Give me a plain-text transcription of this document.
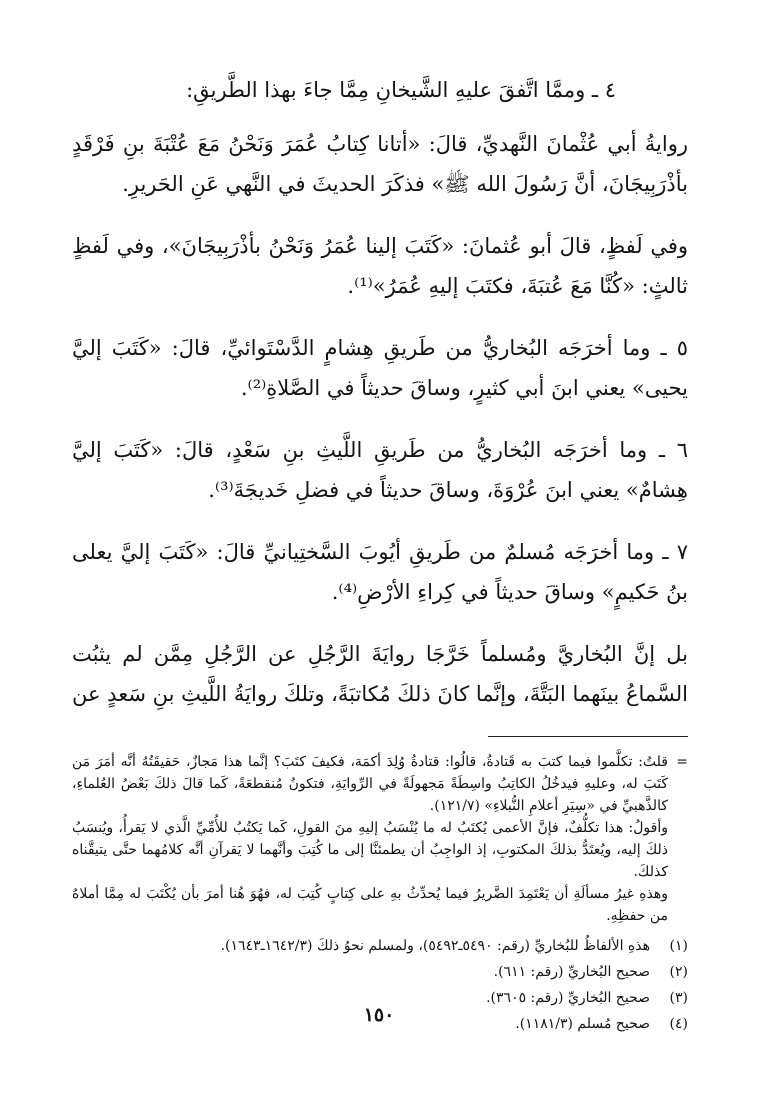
٤ ـ وممَّا اتَّفقَ عليهِ الشَّيخانِ مِمَّا جاءَ بهذا الطَّريقِ:

روايةُ أبي عُثْمانَ النَّهديِّ، قالَ: «أتانا كِتابُ عُمَرَ وَنَحْنُ مَعَ عُتْبَةَ بنِ فَرْقَدٍ بأذْرَبِيجَانَ، أنَّ رَسُولَ الله ﷺ» فذكَرَ الحديثَ في النَّهي عَنِ الحَريرِ.

وفي لَفظٍ، قالَ أبو عُثمانَ: «كَتَبَ إلينا عُمَرُ وَنَحْنُ بأذْرَبِيجَانَ»، وفي لَفظٍ ثالثٍ: «كُنَّا مَعَ عُتبَةَ، فكتَبَ إليهِ عُمَرُ»⁽¹⁾.

٥ ـ وما أخرَجَه البُخاريُّ من طَريقِ هِشامٍ الدَّسْتَوائيِّ، قالَ: «كَتَبَ إليَّ يحيى» يعني ابنَ أبي كثيرٍ، وساقَ حديثاً في الصَّلاةِ⁽²⁾.

٦ ـ وما أخرَجَه البُخاريُّ من طَريقِ اللَّيثِ بنِ سَعْدٍ، قالَ: «كَتَبَ إليَّ هِشامٌ» يعني ابنَ عُرْوَةَ، وساقَ حديثاً في فضلِ خَديجَةَ⁽³⁾.

٧ ـ وما أخرَجَه مُسلمٌ من طَريقِ أيُوبَ السَّختِيانيِّ قالَ: «كَتَبَ إليَّ يعلى بنُ حَكيمٍ» وساقَ حديثاً في كِراءِ الأرْضِ⁽⁴⁾.

بل إنَّ البُخاريَّ ومُسلماً خَرَّجَا روايَةَ الرَّجُلِ عن الرَّجُلِ مِمَّن لم يثبُت السَّماعُ بينَهما البَتَّةَ، وإنَّما كانَ ذلكَ مُكاتبَةً، وتلكَ روايَةُ اللَّيثِ بنِ سَعدٍ عن

=

قلتُ: تكلَّموا فيما كتبَ به قَتادةُ، قالُوا: قتادةُ وُلِدَ أكمَهَ، فكيفَ كتَبَ؟ إنَّما هذا مَجازٌ، حَقيقَتُهُ أنَّه أمَرَ مَن كَتَبَ له، وعليهِ فيدخُلُ الكاتِبُ واسِطَةً مَجهولَةً في الرِّوايَةِ، فتكونُ مُنقطعَةً، كَما قالَ ذلكَ بَعْضُ العُلماءِ، كالذَّهبيِّ في «سِيَرِ أعلامِ النُّبلاءِ» (١٢١/٧).

وأقولُ: هذا تكلُّفٌ، فإنَّ الأعمى يُكتَبُ له ما يُنْسَبُ إليهِ منَ القولِ، كَما يَكتُبُ للأُمِّيِّ الَّذي لا يَقرأُ، ويُنسَبُ ذلكَ إليه، ويُعتَدُّ بذلكَ المكتوبِ، إذ الواجِبُ أن يطمئنَّا إلى ما كُتِبَ وأنَّهما لا يَقرآنِ أنَّه كلامُهما حتَّى يتيقَّناه كذلكَ.

وهذهِ غيرُ مسألَةِ أن يَعْتَمِدَ الضَّريرُ فيما يُحدِّثُ بهِ على كِتابٍ كُتِبَ له، فهُوَ هُنا أمرَ بأن يُكْتَبَ له مِمَّا أملاهُ من حفظِهِ.

(١)هذهِ الألفاظُ للبُخاريِّ (رقم: ٥٤٩٠ـ٥٤٩٢)، ولمسلم نحوُ ذلكَ (١٦٤٢/٣ـ١٦٤٣).
(٢)صحيح البُخاريِّ (رقم: ٦١١).
(٣)صحيح البُخاريِّ (رقم: ٣٦٠٥).
(٤)صحيح مُسلم (١١٨١/٣).
١٥٠
